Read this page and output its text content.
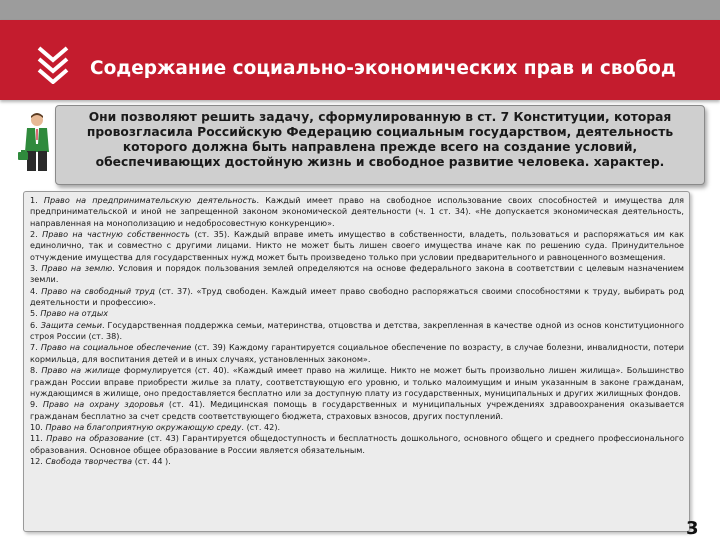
Содержание социально-экономических прав и свобод
Они позволяют решить задачу, сформулированную в ст. 7 Конституции, которая провозгласила Российскую Федерацию социальным государством, деятельность которого должна быть направлена прежде всего на создание условий, обеспечивающих достойную жизнь и свободное развитие человека. характер.

1. Право на предпринимательскую деятельность. Каждый имеет право на свободное использование своих способностей и имущества для предпринимательской и иной не запрещенной законом экономической деятельности (ч. 1 ст. 34). «Не допускается экономическая деятельность, направленная на монополизацию и недобросовестную конкуренцию».

2. Право на частную собственность (ст. 35). Каждый вправе иметь имущество в собственности, владеть, пользоваться и распоряжаться им как единолично, так и совместно с другими лицами. Никто не может быть лишен своего имущества иначе как по решению суда. Принудительное отчуждение имущества для государственных нужд может быть произведено только при условии предварительного и равноценного возмещения.

3. Право на землю. Условия и порядок пользования землей определяются на основе федерального закона в соответствии с целевым назначением земли.

4. Право на свободный труд (ст. 37). «Труд свободен. Каждый имеет право свободно распоряжаться своими способностями к труду, выбирать род деятельности и профессию».

5. Право на отдых

6. Защита семьи. Государственная поддержка семьи, материнства, отцовства и детства, закрепленная в качестве одной из основ конституционного строя России (ст. 38).

7. Право на социальное обеспечение (ст. 39) Каждому гарантируется социальное обеспечение по возрасту, в случае болезни, инвалидности, потери кормильца, для воспитания детей и в иных случаях, установленных законом».

8. Право на жилище формулируется (ст. 40). «Каждый имеет право на жилище. Никто не может быть произвольно лишен жилища». Большинство граждан России вправе приобрести жилье за плату, соответствующую его уровню, и только малоимущим и иным указанным в законе гражданам, нуждающимся в жилище, оно предоставляется бесплатно или за доступную плату из государственных, муниципальных и других жилищных фондов.

9. Право на охрану здоровья (ст. 41). Медицинская помощь в государственных и муниципальных учреждениях здравоохранения оказывается гражданам бесплатно за счет средств соответствующего бюджета, страховых взносов, других поступлений.

10. Право на благоприятную окружающую среду. (ст. 42).

11. Право на образование (ст. 43) Гарантируется общедоступность и бесплатность дошкольного, основного общего и среднего профессионального образования. Основное общее образование в России является обязательным.

12. Свобода творчества (ст. 44 ).

3
